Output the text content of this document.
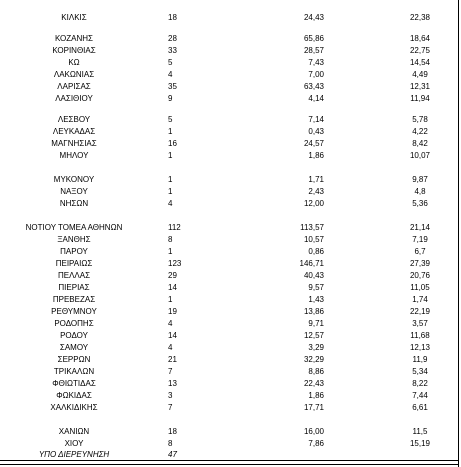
ΚΙΛΚΙΣ	18	24,43	22,38
ΚΟΖΑΝΗΣ	28	65,86	18,64
ΚΟΡΙΝΘΙΑΣ	33	28,57	22,75
ΚΩ	5	7,43	14,54
ΛΑΚΩΝΙΑΣ	4	7,00	4,49
ΛΑΡΙΣΑΣ	35	63,43	12,31
ΛΑΣΙΘΙΟΥ	9	4,14	11,94
ΛΕΣΒΟΥ	5	7,14	5,78
ΛΕΥΚΑΔΑΣ	1	0,43	4,22
ΜΑΓΝΗΣΙΑΣ	16	24,57	8,42
ΜΗΛΟΥ	1	1,86	10,07
ΜΥΚΟΝΟΥ	1	1,71	9,87
ΝΑΞΟΥ	1	2,43	4,8
ΝΗΣΩΝ	4	12,00	5,36
ΝΟΤΙΟΥ ΤΟΜΕΑ ΑΘΗΝΩΝ	112	113,57	21,14
ΞΑΝΘΗΣ	8	10,57	7,19
ΠΑΡΟΥ	1	0,86	6,7
ΠΕΙΡΑΙΩΣ	123	146,71	27,39
ΠΕΛΛΑΣ	29	40,43	20,76
ΠΙΕΡΙΑΣ	14	9,57	11,05
ΠΡΕΒΕΖΑΣ	1	1,43	1,74
ΡΕΘΥΜΝΟΥ	19	13,86	22,19
ΡΟΔΟΠΗΣ	4	9,71	3,57
ΡΟΔΟΥ	14	12,57	11,68
ΣΑΜΟΥ	4	3,29	12,13
ΣΕΡΡΩΝ	21	32,29	11,9
ΤΡΙΚΑΛΩΝ	7	8,86	5,34
ΦΘΙΩΤΙΔΑΣ	13	22,43	8,22
ΦΩΚΙΔΑΣ	3	1,86	7,44
ΧΑΛΚΙΔΙΚΗΣ	7	17,71	6,61
ΧΑΝΙΩΝ	18	16,00	11,5
ΧΙΟΥ	8	7,86	15,19
ΥΠΟ ΔΙΕΡΕΥΝΗΣΗ	47
